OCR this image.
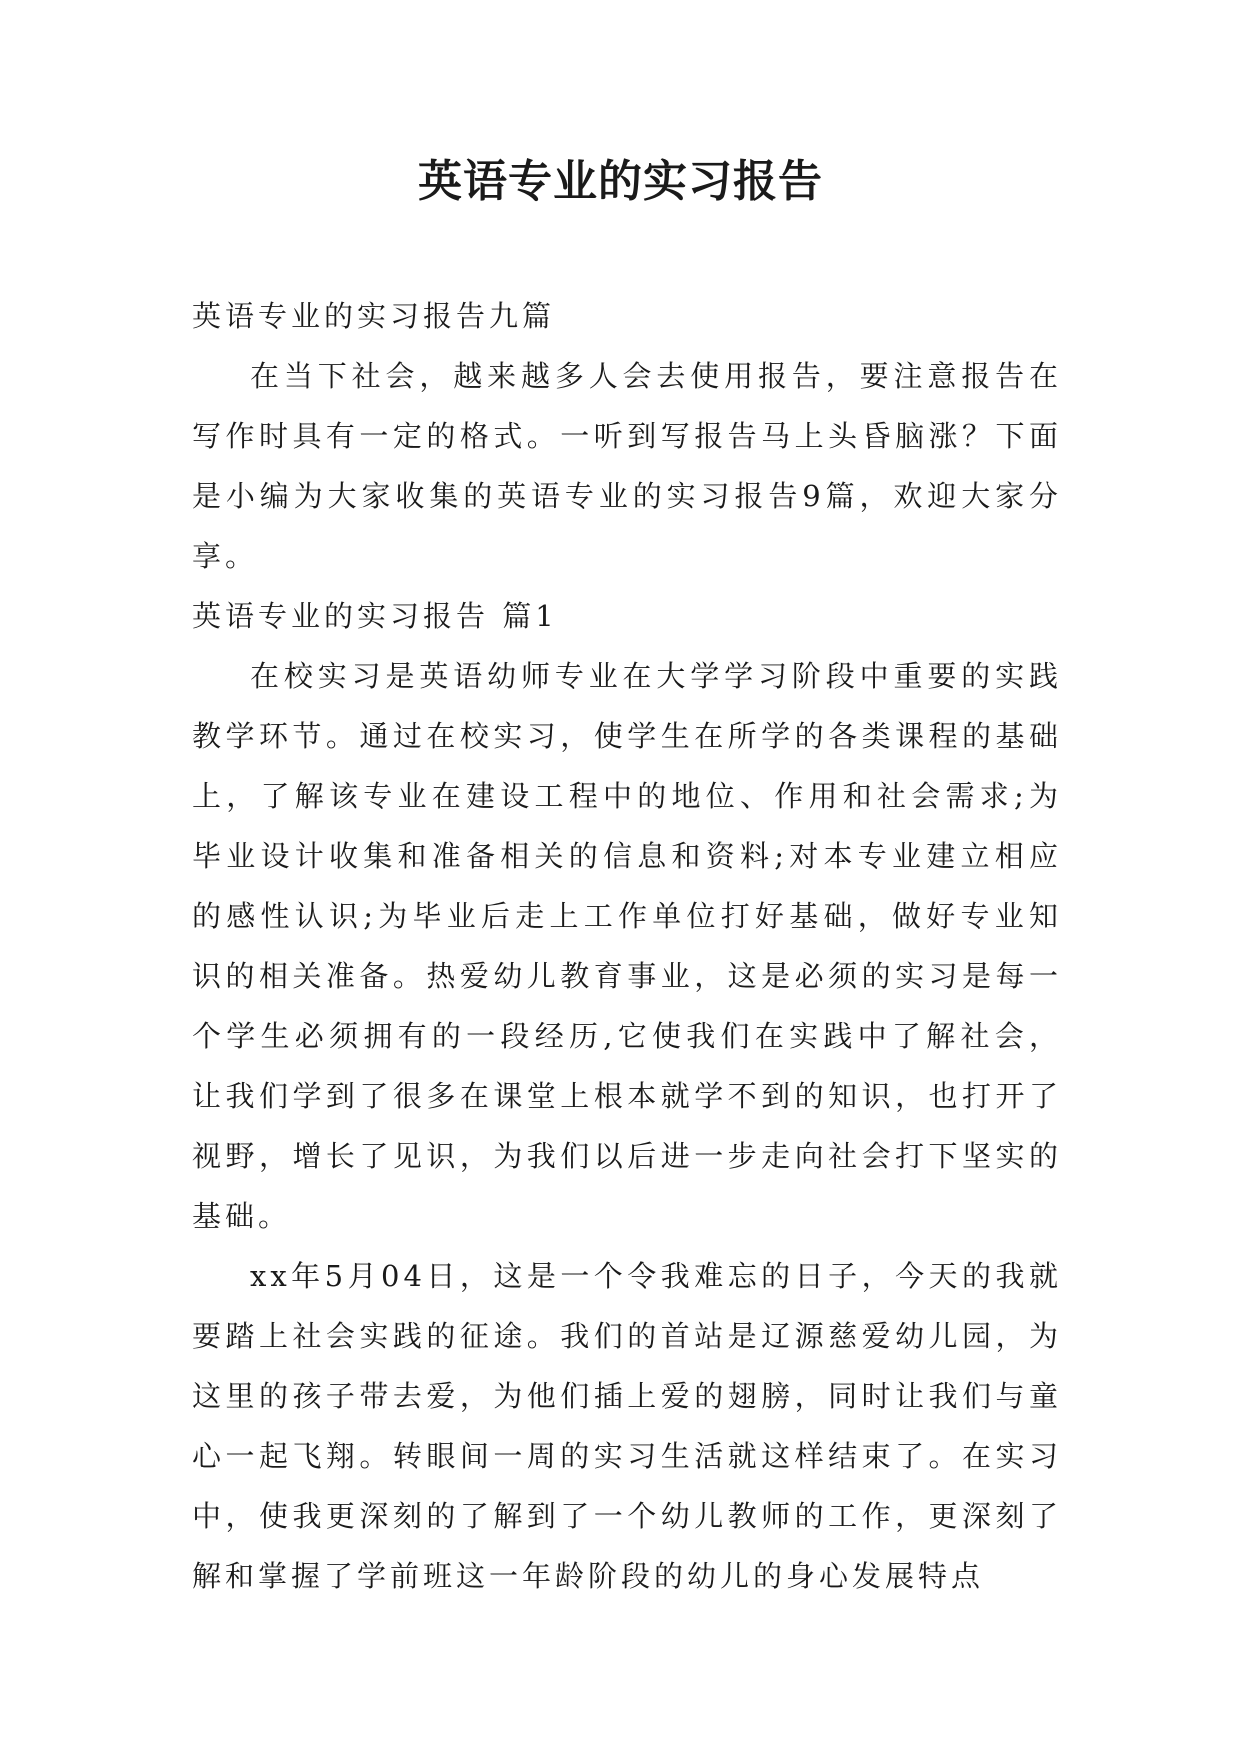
英语专业的实习报告

英语专业的实习报告九篇

在当下社会，越来越多人会去使用报告，要注意报告在写作时具有一定的格式。一听到写报告马上头昏脑涨？下面是小编为大家收集的英语专业的实习报告9篇，欢迎大家分享。

英语专业的实习报告 篇1

在校实习是英语幼师专业在大学学习阶段中重要的实践教学环节。通过在校实习，使学生在所学的各类课程的基础上，了解该专业在建设工程中的地位、作用和社会需求;为毕业设计收集和准备相关的信息和资料;对本专业建立相应的感性认识;为毕业后走上工作单位打好基础，做好专业知识的相关准备。热爱幼儿教育事业，这是必须的实习是每一个学生必须拥有的一段经历,它使我们在实践中了解社会，让我们学到了很多在课堂上根本就学不到的知识，也打开了视野，增长了见识，为我们以后进一步走向社会打下坚实的基础。

xx年5月04日，这是一个令我难忘的日子，今天的我就要踏上社会实践的征途。我们的首站是辽源慈爱幼儿园，为这里的孩子带去爱，为他们插上爱的翅膀，同时让我们与童心一起飞翔。转眼间一周的实习生活就这样结束了。在实习中，使我更深刻的了解到了一个幼儿教师的工作，更深刻了解和掌握了学前班这一年龄阶段的幼儿的身心发展特点
